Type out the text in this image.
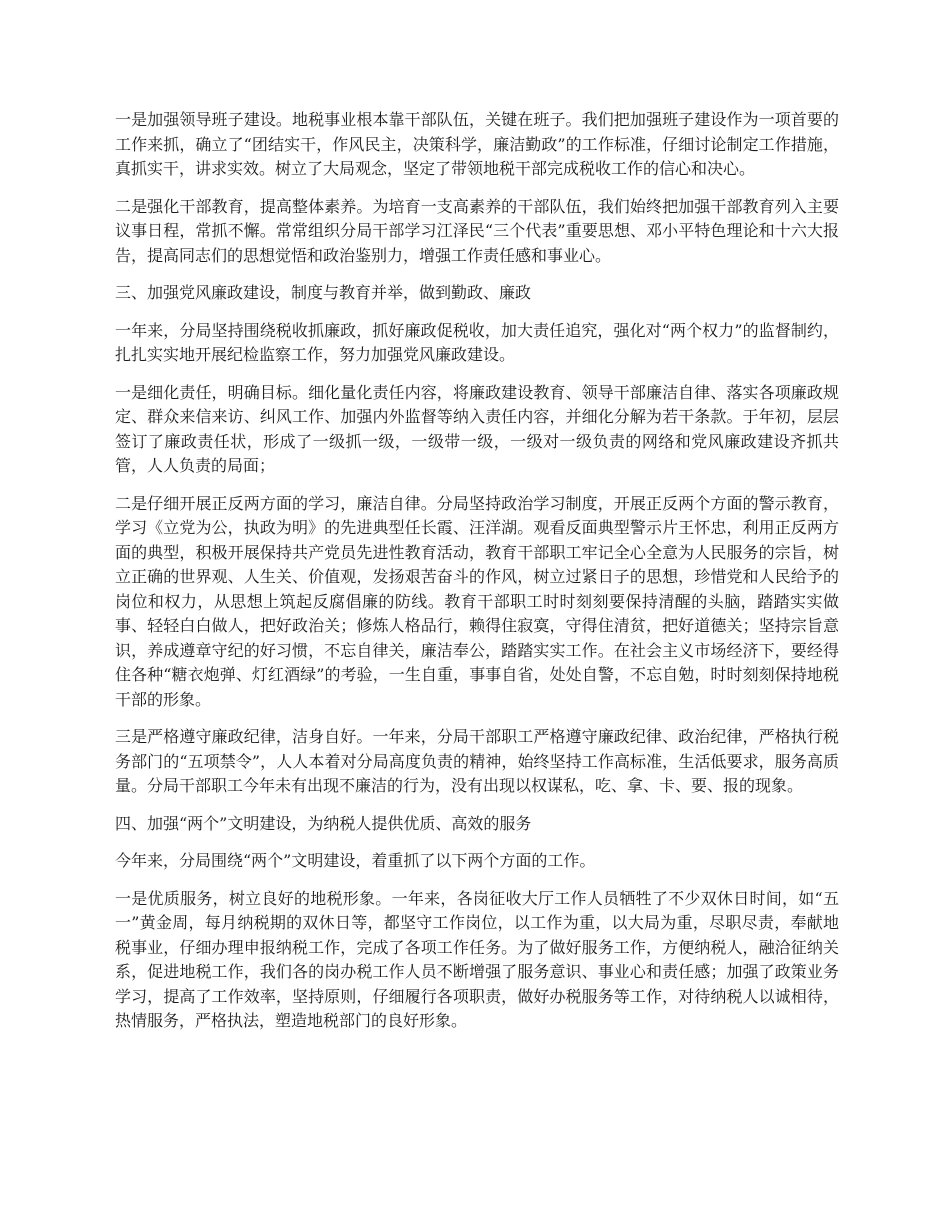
一是加强领导班子建设。地税事业根本靠干部队伍，关键在班子。我们把加强班子建设作为一项首要的工作来抓，确立了“团结实干，作风民主，决策科学，廉洁勤政”的工作标准，仔细讨论制定工作措施，真抓实干，讲求实效。树立了大局观念，坚定了带领地税干部完成税收工作的信心和决心。

二是强化干部教育，提高整体素养。为培育一支高素养的干部队伍，我们始终把加强干部教育列入主要议事日程，常抓不懈。常常组织分局干部学习江泽民“三个代表”重要思想、邓小平特色理论和十六大报告，提高同志们的思想觉悟和政治鉴别力，增强工作责任感和事业心。

三、加强党风廉政建设，制度与教育并举，做到勤政、廉政

一年来，分局坚持围绕税收抓廉政，抓好廉政促税收，加大责任追究，强化对“两个权力”的监督制约，扎扎实实地开展纪检监察工作，努力加强党风廉政建设。

一是细化责任，明确目标。细化量化责任内容，将廉政建设教育、领导干部廉洁自律、落实各项廉政规定、群众来信来访、纠风工作、加强内外监督等纳入责任内容，并细化分解为若干条款。于年初，层层签订了廉政责任状，形成了一级抓一级，一级带一级，一级对一级负责的网络和党风廉政建设齐抓共管，人人负责的局面；

二是仔细开展正反两方面的学习，廉洁自律。分局坚持政治学习制度，开展正反两个方面的警示教育，学习《立党为公，执政为明》的先进典型任长霞、汪洋湖。观看反面典型警示片王怀忠，利用正反两方面的典型，积极开展保持共产党员先进性教育活动，教育干部职工牢记全心全意为人民服务的宗旨，树立正确的世界观、人生关、价值观，发扬艰苦奋斗的作风，树立过紧日子的思想，珍惜党和人民给予的岗位和权力，从思想上筑起反腐倡廉的防线。教育干部职工时时刻刻要保持清醒的头脑，踏踏实实做事、轻轻白白做人，把好政治关；修炼人格品行，赖得住寂寞，守得住清贫，把好道德关；坚持宗旨意识，养成遵章守纪的好习惯，不忘自律关，廉洁奉公，踏踏实实工作。在社会主义市场经济下，要经得住各种“糖衣炮弹、灯红酒绿”的考验，一生自重，事事自省，处处自警，不忘自勉，时时刻刻保持地税干部的形象。

三是严格遵守廉政纪律，洁身自好。一年来，分局干部职工严格遵守廉政纪律、政治纪律，严格执行税务部门的“五项禁令”，人人本着对分局高度负责的精神，始终坚持工作高标准，生活低要求，服务高质量。分局干部职工今年未有出现不廉洁的行为，没有出现以权谋私，吃、拿、卡、要、报的现象。

四、加强“两个”文明建设，为纳税人提供优质、高效的服务

今年来，分局围绕“两个”文明建设，着重抓了以下两个方面的工作。

一是优质服务，树立良好的地税形象。一年来，各岗征收大厅工作人员牺牲了不少双休日时间，如“五一”黄金周，每月纳税期的双休日等，都坚守工作岗位，以工作为重，以大局为重，尽职尽责，奉献地税事业，仔细办理申报纳税工作，完成了各项工作任务。为了做好服务工作，方便纳税人，融洽征纳关系，促进地税工作，我们各的岗办税工作人员不断增强了服务意识、事业心和责任感；加强了政策业务学习，提高了工作效率，坚持原则，仔细履行各项职责，做好办税服务等工作，对待纳税人以诚相待，热情服务，严格执法，塑造地税部门的良好形象。
